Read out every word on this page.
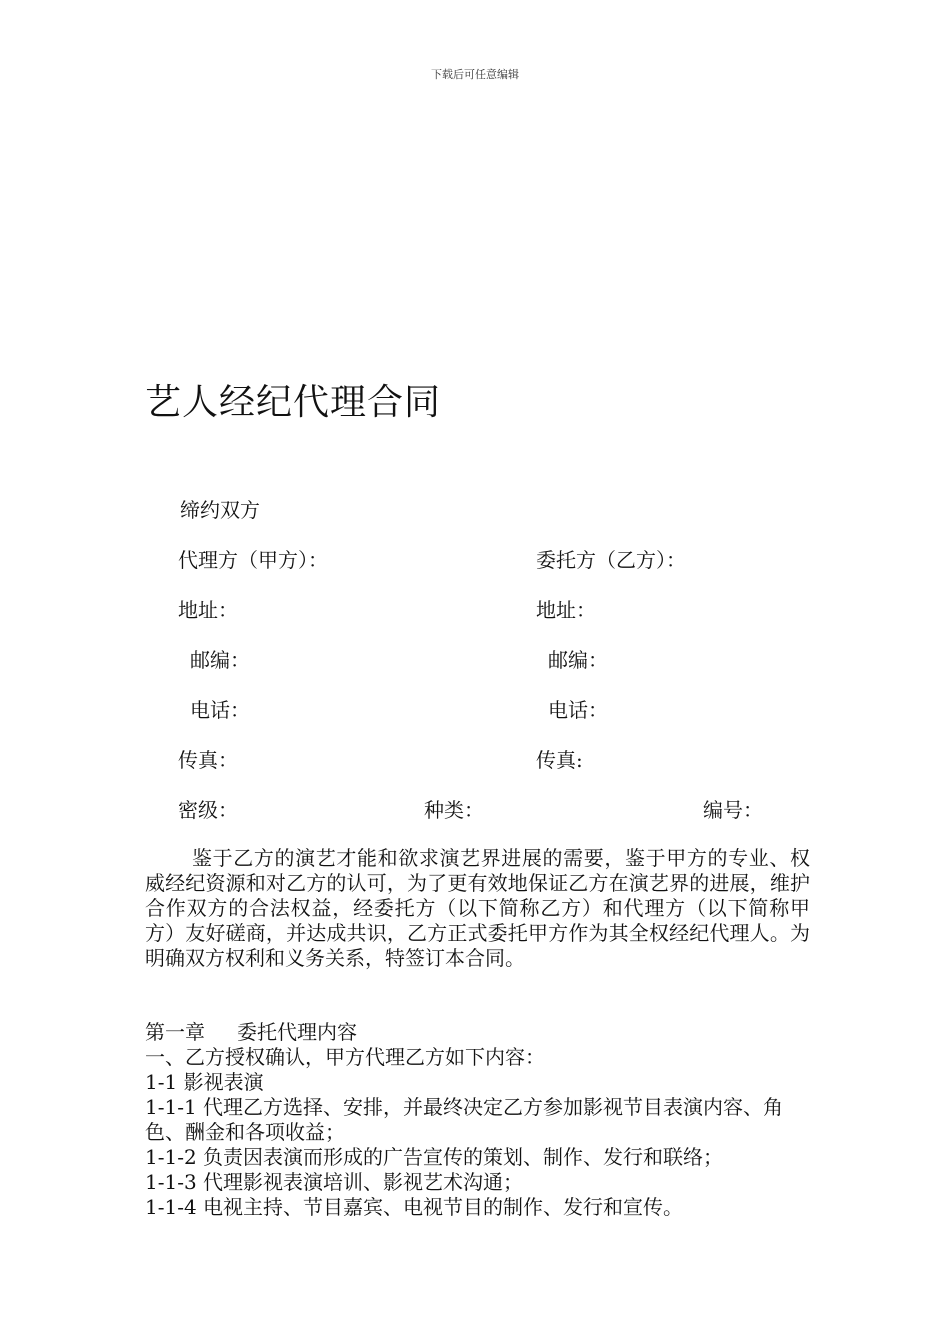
下载后可任意编辑
艺人经纪代理合同
缔约双方
代理方（甲方）：	委托方（乙方）：
地址：	地址：
邮编：	邮编：
电话：	电话：
传真：	传真:
密级：	种类：	编号：

鉴于乙方的演艺才能和欲求演艺界进展的需要，鉴于甲方的专业、权威经纪资源和对乙方的认可，为了更有效地保证乙方在演艺界的进展，维护合作双方的合法权益，经委托方（以下简称乙方）和代理方（以下简称甲方）友好磋商，并达成共识，乙方正式委托甲方作为其全权经纪代理人。为明确双方权利和义务关系，特签订本合同。

第一章 委托代理内容

一、乙方授权确认，甲方代理乙方如下内容：

1-1 影视表演

1-1-1 代理乙方选择、安排，并最终决定乙方参加影视节目表演内容、角色、酬金和各项收益；

1-1-2 负责因表演而形成的广告宣传的策划、制作、发行和联络；

1-1-3 代理影视表演培训、影视艺术沟通；

1-1-4 电视主持、节目嘉宾、电视节目的制作、发行和宣传。
